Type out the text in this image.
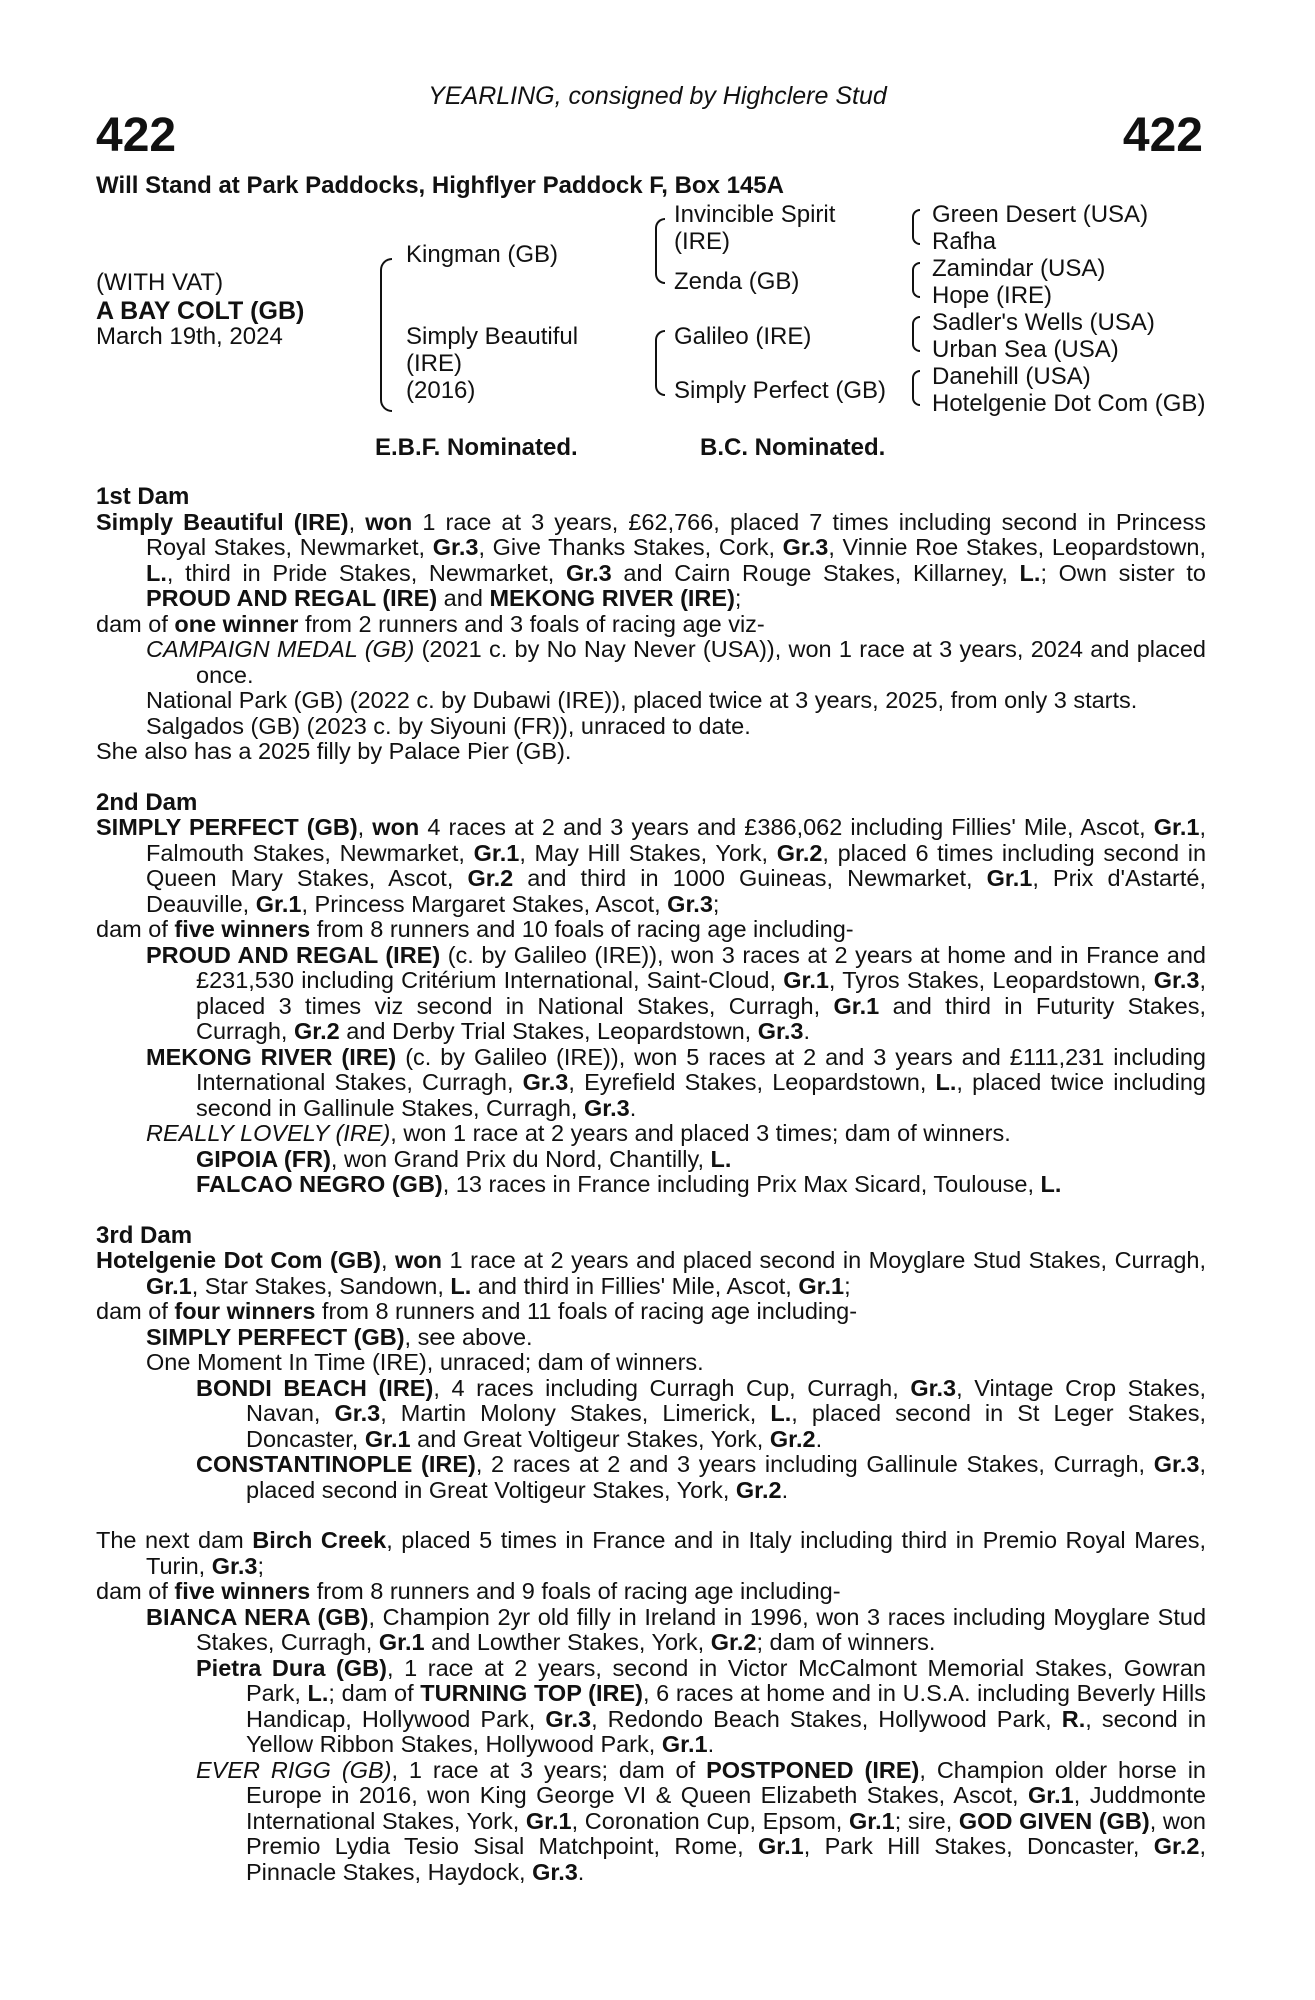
YEARLING, consigned by Highclere Stud
422	422
Will Stand at Park Paddocks, Highflyer Paddock F, Box 145A
(WITH VAT)
A BAY COLT (GB)
March 19th, 2024
Kingman (GB)
Simply Beautiful
(IRE)
(2016)
Invincible Spirit
(IRE)
Zenda (GB)
Galileo (IRE)
Simply Perfect (GB)
Green Desert (USA)
Rafha
Zamindar (USA)
Hope (IRE)
Sadler's Wells (USA)
Urban Sea (USA)
Danehill (USA)
Hotelgenie Dot Com (GB)
E.B.F. Nominated.	B.C. Nominated.

1st Dam

Simply Beautiful (IRE), won 1 race at 3 years, £62,766, placed 7 times including second in Princess Royal Stakes, Newmarket, Gr.3, Give Thanks Stakes, Cork, Gr.3, Vinnie Roe Stakes, Leopardstown, L., third in Pride Stakes, Newmarket, Gr.3 and Cairn Rouge Stakes, Killarney, L.; Own sister to PROUD AND REGAL (IRE) and MEKONG RIVER (IRE);

dam of one winner from 2 runners and 3 foals of racing age viz-

CAMPAIGN MEDAL (GB) (2021 c. by No Nay Never (USA)), won 1 race at 3 years, 2024 and placed once.

National Park (GB) (2022 c. by Dubawi (IRE)), placed twice at 3 years, 2025, from only 3 starts.

Salgados (GB) (2023 c. by Siyouni (FR)), unraced to date.

She also has a 2025 filly by Palace Pier (GB).

2nd Dam

SIMPLY PERFECT (GB), won 4 races at 2 and 3 years and £386,062 including Fillies' Mile, Ascot, Gr.1, Falmouth Stakes, Newmarket, Gr.1, May Hill Stakes, York, Gr.2, placed 6 times including second in Queen Mary Stakes, Ascot, Gr.2 and third in 1000 Guineas, Newmarket, Gr.1, Prix d'Astarté, Deauville, Gr.1, Princess Margaret Stakes, Ascot, Gr.3;

dam of five winners from 8 runners and 10 foals of racing age including-

PROUD AND REGAL (IRE) (c. by Galileo (IRE)), won 3 races at 2 years at home and in France and £231,530 including Critérium International, Saint-Cloud, Gr.1, Tyros Stakes, Leopardstown, Gr.3, placed 3 times viz second in National Stakes, Curragh, Gr.1 and third in Futurity Stakes, Curragh, Gr.2 and Derby Trial Stakes, Leopardstown, Gr.3.

MEKONG RIVER (IRE) (c. by Galileo (IRE)), won 5 races at 2 and 3 years and £111,231 including International Stakes, Curragh, Gr.3, Eyrefield Stakes, Leopardstown, L., placed twice including second in Gallinule Stakes, Curragh, Gr.3.

REALLY LOVELY (IRE), won 1 race at 2 years and placed 3 times; dam of winners.

GIPOIA (FR), won Grand Prix du Nord, Chantilly, L.

FALCAO NEGRO (GB), 13 races in France including Prix Max Sicard, Toulouse, L.

3rd Dam

Hotelgenie Dot Com (GB), won 1 race at 2 years and placed second in Moyglare Stud Stakes, Curragh, Gr.1, Star Stakes, Sandown, L. and third in Fillies' Mile, Ascot, Gr.1;

dam of four winners from 8 runners and 11 foals of racing age including-

SIMPLY PERFECT (GB), see above.

One Moment In Time (IRE), unraced; dam of winners.

BONDI BEACH (IRE), 4 races including Curragh Cup, Curragh, Gr.3, Vintage Crop Stakes, Navan, Gr.3, Martin Molony Stakes, Limerick, L., placed second in St Leger Stakes, Doncaster, Gr.1 and Great Voltigeur Stakes, York, Gr.2.

CONSTANTINOPLE (IRE), 2 races at 2 and 3 years including Gallinule Stakes, Curragh, Gr.3, placed second in Great Voltigeur Stakes, York, Gr.2.

The next dam Birch Creek, placed 5 times in France and in Italy including third in Premio Royal Mares, Turin, Gr.3;

dam of five winners from 8 runners and 9 foals of racing age including-

BIANCA NERA (GB), Champion 2yr old filly in Ireland in 1996, won 3 races including Moyglare Stud Stakes, Curragh, Gr.1 and Lowther Stakes, York, Gr.2; dam of winners.

Pietra Dura (GB), 1 race at 2 years, second in Victor McCalmont Memorial Stakes, Gowran Park, L.; dam of TURNING TOP (IRE), 6 races at home and in U.S.A. including Beverly Hills Handicap, Hollywood Park, Gr.3, Redondo Beach Stakes, Hollywood Park, R., second in Yellow Ribbon Stakes, Hollywood Park, Gr.1.

EVER RIGG (GB), 1 race at 3 years; dam of POSTPONED (IRE), Champion older horse in Europe in 2016, won King George VI & Queen Elizabeth Stakes, Ascot, Gr.1, Juddmonte International Stakes, York, Gr.1, Coronation Cup, Epsom, Gr.1; sire, GOD GIVEN (GB), won Premio Lydia Tesio Sisal Matchpoint, Rome, Gr.1, Park Hill Stakes, Doncaster, Gr.2, Pinnacle Stakes, Haydock, Gr.3.
